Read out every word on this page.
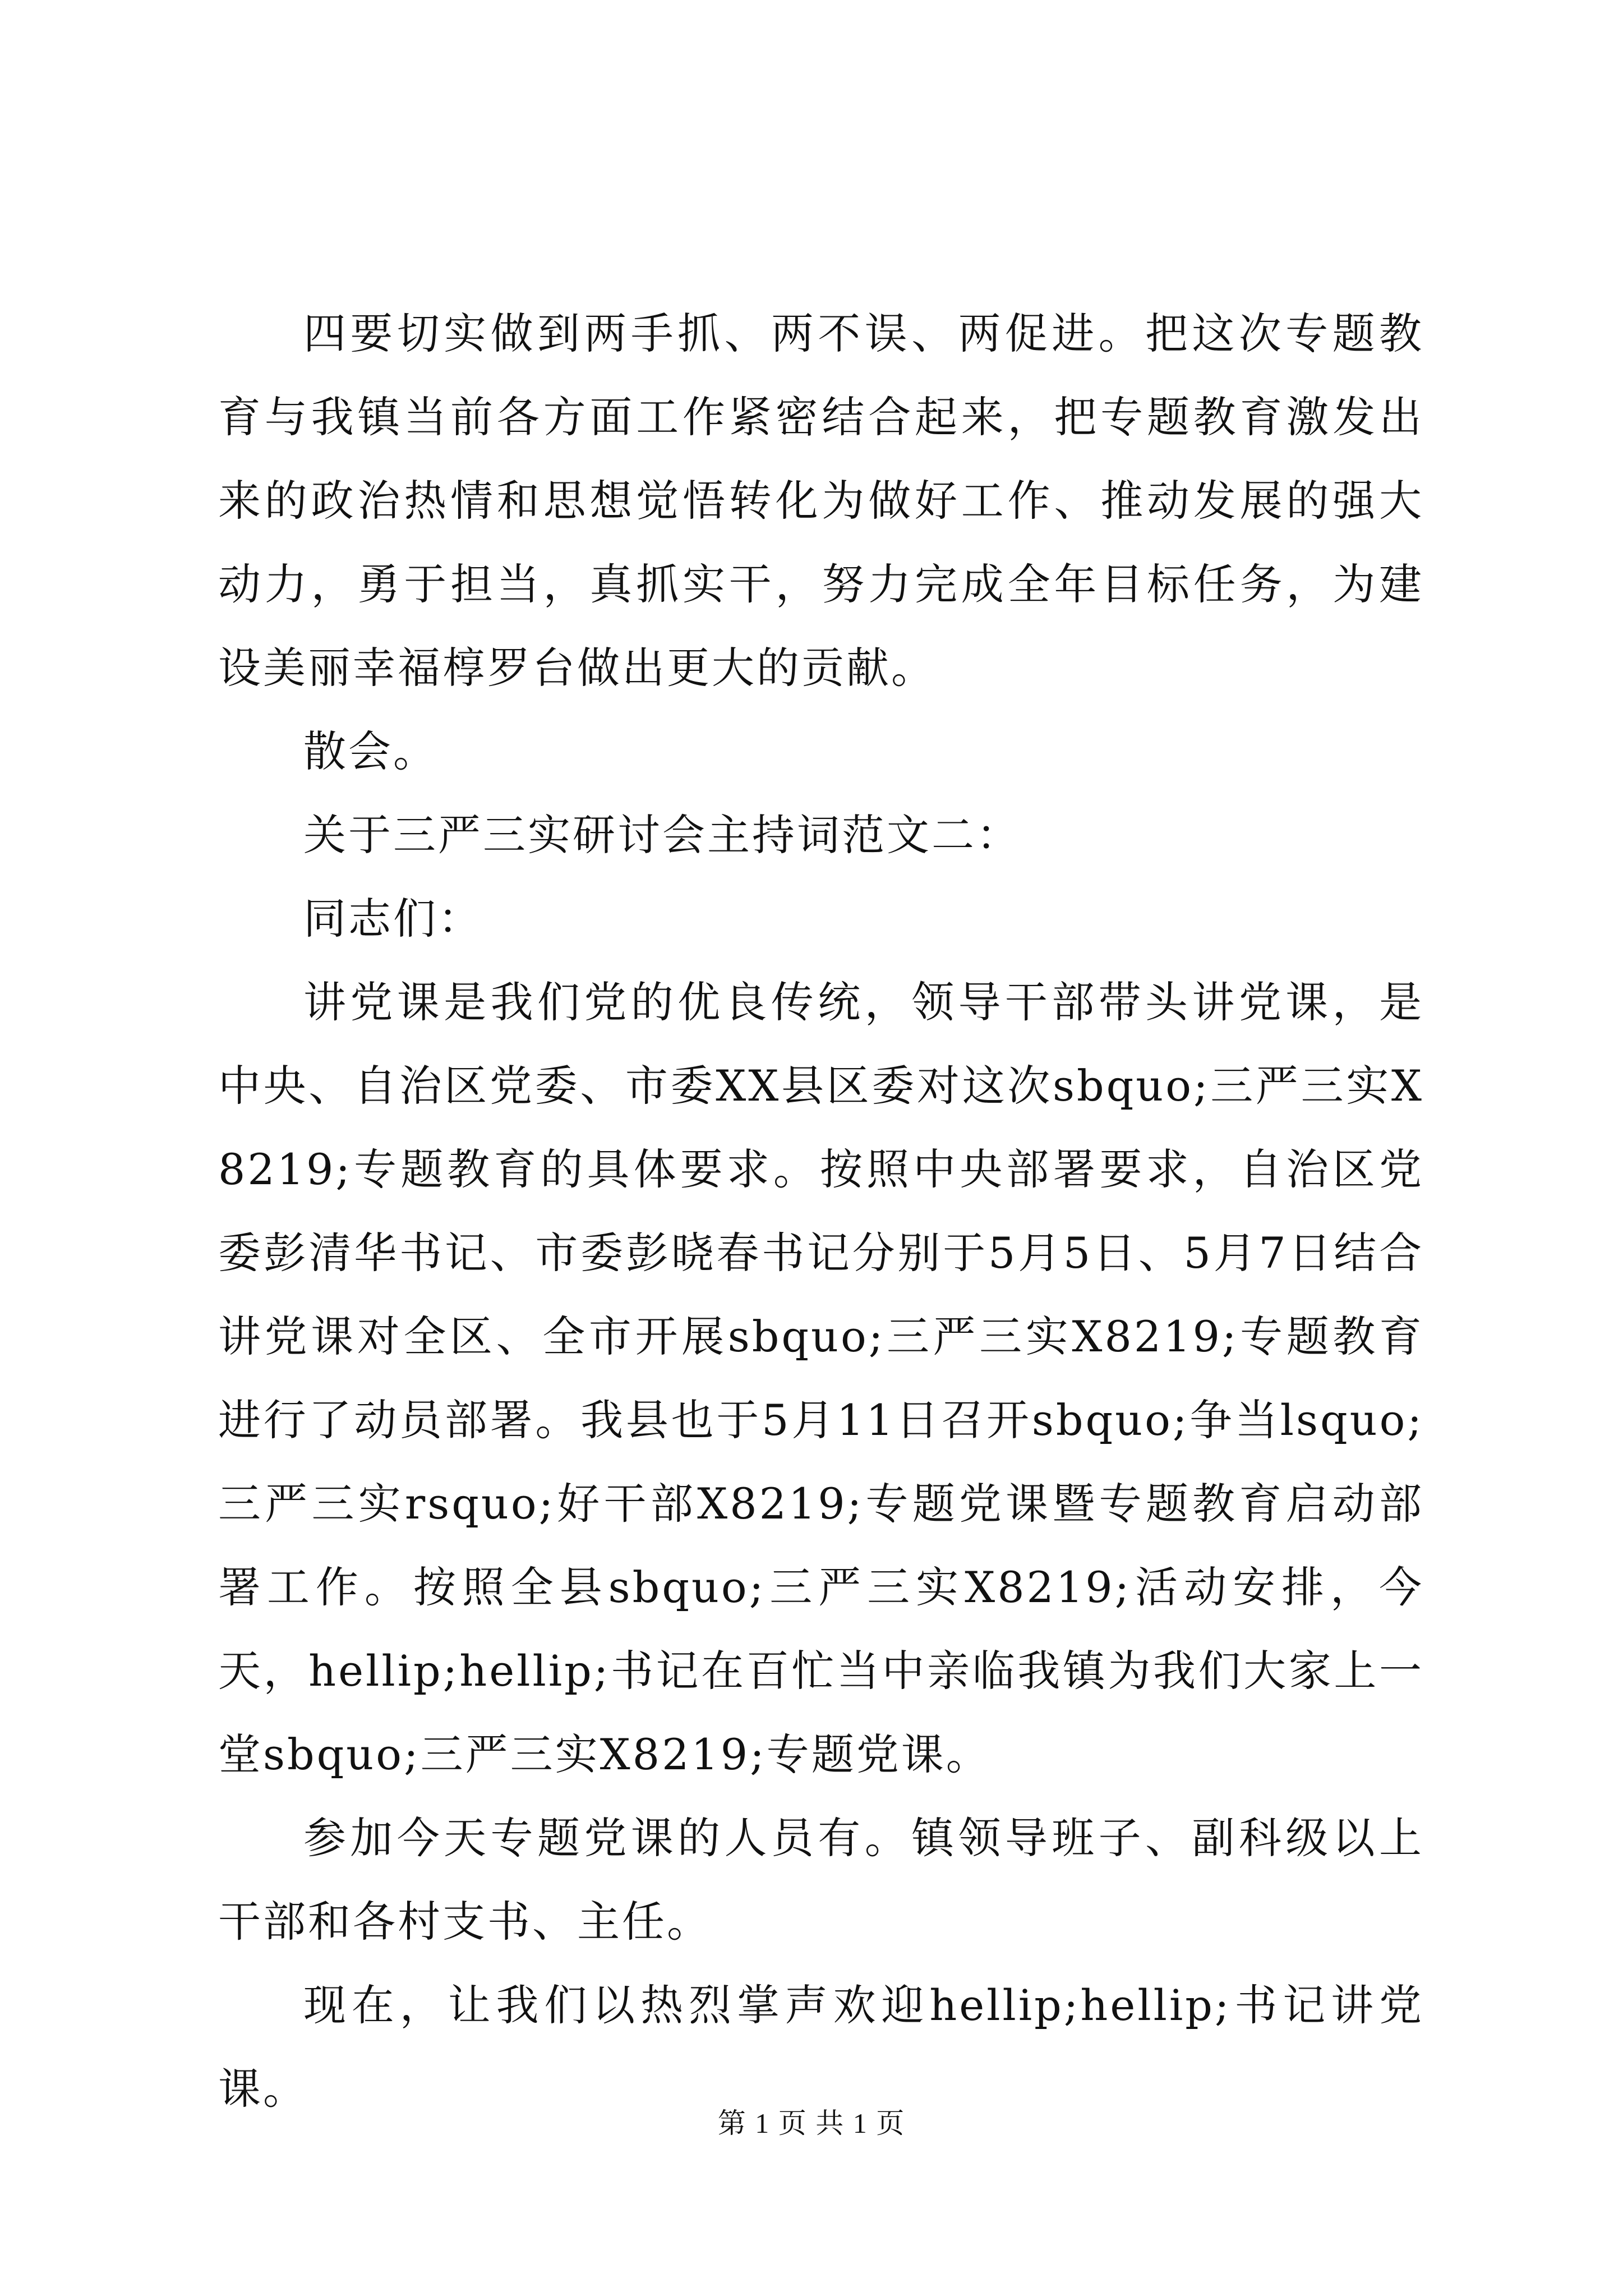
四要切实做到两手抓、两不误、两促进。把这次专题教育与我镇当前各方面工作紧密结合起来，把专题教育激发出来的政治热情和思想觉悟转化为做好工作、推动发展的强大动力，勇于担当，真抓实干，努力完成全年目标任务，为建设美丽幸福椁罗台做出更大的贡献。

散会。

关于三严三实研讨会主持词范文二：

同志们：

讲党课是我们党的优良传统，领导干部带头讲党课，是中央、自治区党委、市委XX县区委对这次sbquo;三严三实X8219;专题教育的具体要求。按照中央部署要求，自治区党委彭清华书记、市委彭晓春书记分别于5月5日、5月7日结合讲党课对全区、全市开展sbquo;三严三实X8219;专题教育进行了动员部署。我县也于5月11日召开sbquo;争当lsquo;三严三实rsquo;好干部X8219;专题党课暨专题教育启动部署工作。按照全县sbquo;三严三实X8219;活动安排，今天，hellip;hellip;书记在百忙当中亲临我镇为我们大家上一堂sbquo;三严三实X8219;专题党课。

参加今天专题党课的人员有。镇领导班子、副科级以上干部和各村支书、主任。

现在，让我们以热烈掌声欢迎hellip;hellip;书记讲党课。

第 1 页 共 1 页
